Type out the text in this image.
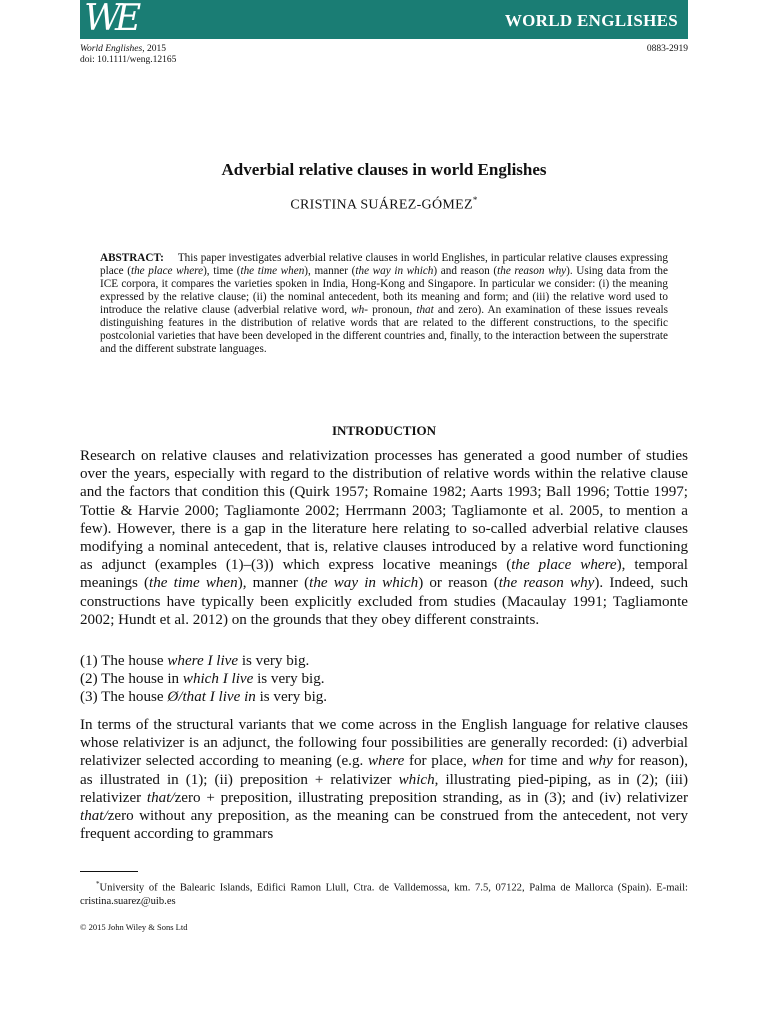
WE	WORLD ENGLISHES
World Englishes, 2015
doi: 10.1111/weng.12165
0883-2919
Adverbial relative clauses in world Englishes
CRISTINA SUÁREZ-GÓMEZ*
ABSTRACT: This paper investigates adverbial relative clauses in world Englishes, in particular relative clauses expressing place (the place where), time (the time when), manner (the way in which) and reason (the reason why). Using data from the ICE corpora, it compares the varieties spoken in India, Hong-Kong and Singapore. In particular we consider: (i) the meaning expressed by the relative clause; (ii) the nominal antecedent, both its meaning and form; and (iii) the relative word used to introduce the relative clause (adverbial relative word, wh- pronoun, that and zero). An examination of these issues reveals distinguishing features in the distribution of relative words that are related to the different constructions, to the specific postcolonial varieties that have been developed in the different countries and, finally, to the interaction between the superstrate and the different substrate languages.
INTRODUCTION
Research on relative clauses and relativization processes has generated a good number of studies over the years, especially with regard to the distribution of relative words within the relative clause and the factors that condition this (Quirk 1957; Romaine 1982; Aarts 1993; Ball 1996; Tottie 1997; Tottie & Harvie 2000; Tagliamonte 2002; Herrmann 2003; Tagliamonte et al. 2005, to mention a few). However, there is a gap in the literature here relating to so-called adverbial relative clauses modifying a nominal antecedent, that is, relative clauses introduced by a relative word functioning as adjunct (examples (1)–(3)) which express locative meanings (the place where), temporal meanings (the time when), manner (the way in which) or reason (the reason why). Indeed, such constructions have typically been explicitly excluded from studies (Macaulay 1991; Tagliamonte 2002; Hundt et al. 2012) on the grounds that they obey different constraints.
(1) The house where I live is very big.
(2) The house in which I live is very big.
(3) The house Ø/that I live in is very big.
In terms of the structural variants that we come across in the English language for relative clauses whose relativizer is an adjunct, the following four possibilities are generally recorded: (i) adverbial relativizer selected according to meaning (e.g. where for place, when for time and why for reason), as illustrated in (1); (ii) preposition + relativizer which, illustrating pied-piping, as in (2); (iii) relativizer that/zero + preposition, illustrating preposition stranding, as in (3); and (iv) relativizer that/zero without any preposition, as the meaning can be construed from the antecedent, not very frequent according to grammars
*University of the Balearic Islands, Edifici Ramon Llull, Ctra. de Valldemossa, km. 7.5, 07122, Palma de Mallorca (Spain). E-mail: cristina.suarez@uib.es
© 2015 John Wiley & Sons Ltd
